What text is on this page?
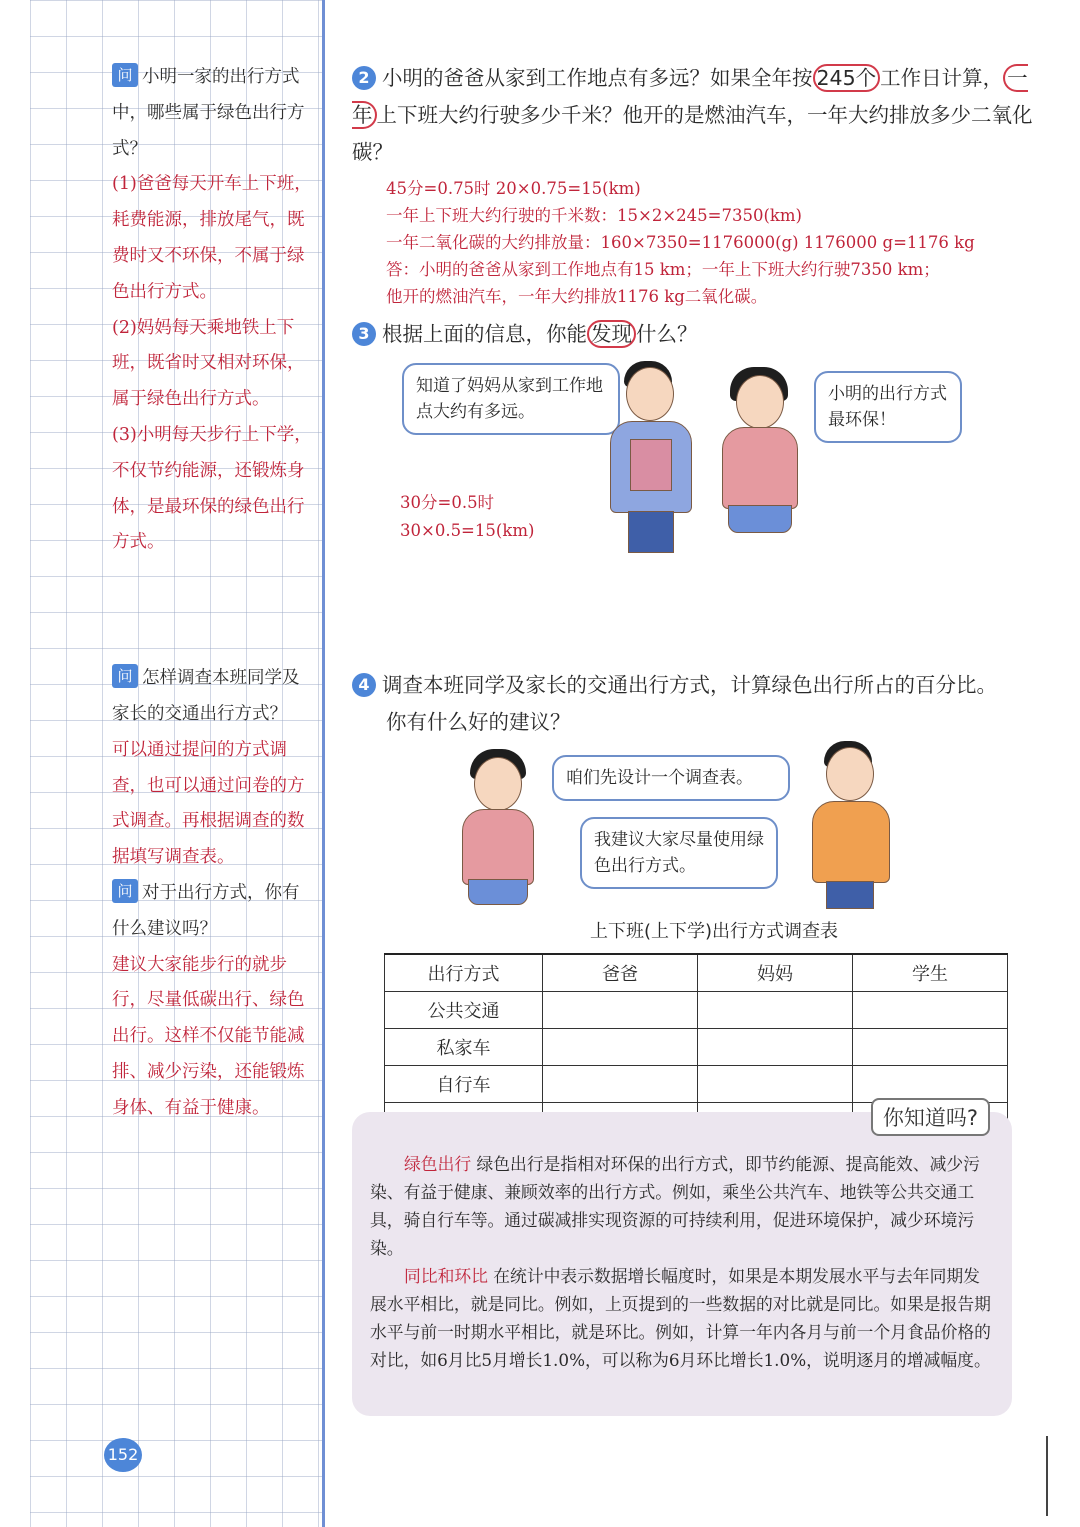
问 小明一家的出行方式中，哪些属于绿色出行方式？
(1)爸爸每天开车上下班，耗费能源，排放尾气，既费时又不环保，不属于绿色出行方式。
(2)妈妈每天乘地铁上下班，既省时又相对环保，属于绿色出行方式。
(3)小明每天步行上下学，不仅节约能源，还锻炼身体，是最环保的绿色出行方式。
问 怎样调查本班同学及家长的交通出行方式？
可以通过提问的方式调查，也可以通过问卷的方式调查。再根据调查的数据填写调查表。
问 对于出行方式，你有什么建议吗？
建议大家能步行的就步行，尽量低碳出行、绿色出行。这样不仅能节能减排、减少污染，还能锻炼身体、有益于健康。
2 小明的爸爸从家到工作地点有多远？如果全年按 245个 工作日计算， 一年 上下班大约行驶多少千米？他开的是燃油汽车，一年大约排放多少二氧化碳？
45分=0.75时 20×0.75=15(km)
一年上下班大约行驶的千米数：15×2×245=7350(km)
一年二氧化碳的大约排放量：160×7350=1176000(g) 1176000 g=1176 kg
答：小明的爸爸从家到工作地点有15 km；一年上下班大约行驶7350 km；
他开的燃油汽车，一年大约排放1176 kg二氧化碳。
3 根据上面的信息，你能 发现 什么？
知道了妈妈从家到工作地点大约有多远。
30分=0.5时
30×0.5=15(km)
小明的出行方式最环保！
4 调查本班同学及家长的交通出行方式，计算绿色出行所占的百分比。
你有什么好的建议？
咱们先设计一个调查表。
我建议大家尽量使用绿色出行方式。
上下班(上下学)出行方式调查表
出行方式	爸爸	妈妈	学生
公共交通			
私家车			
自行车			

你知道吗?
绿色出行 绿色出行是指相对环保的出行方式，即节约能源、提高能效、减少污染、有益于健康、兼顾效率的出行方式。例如，乘坐公共汽车、地铁等公共交通工具，骑自行车等。通过碳减排实现资源的可持续利用，促进环境保护，减少环境污染。
同比和环比 在统计中表示数据增长幅度时，如果是本期发展水平与去年同期发展水平相比，就是同比。例如，上页提到的一些数据的对比就是同比。如果是报告期水平与前一时期水平相比，就是环比。例如，计算一年内各月与前一个月食品价格的对比，如6月比5月增长1.0%，可以称为6月环比增长1.0%，说明逐月的增减幅度。
152
